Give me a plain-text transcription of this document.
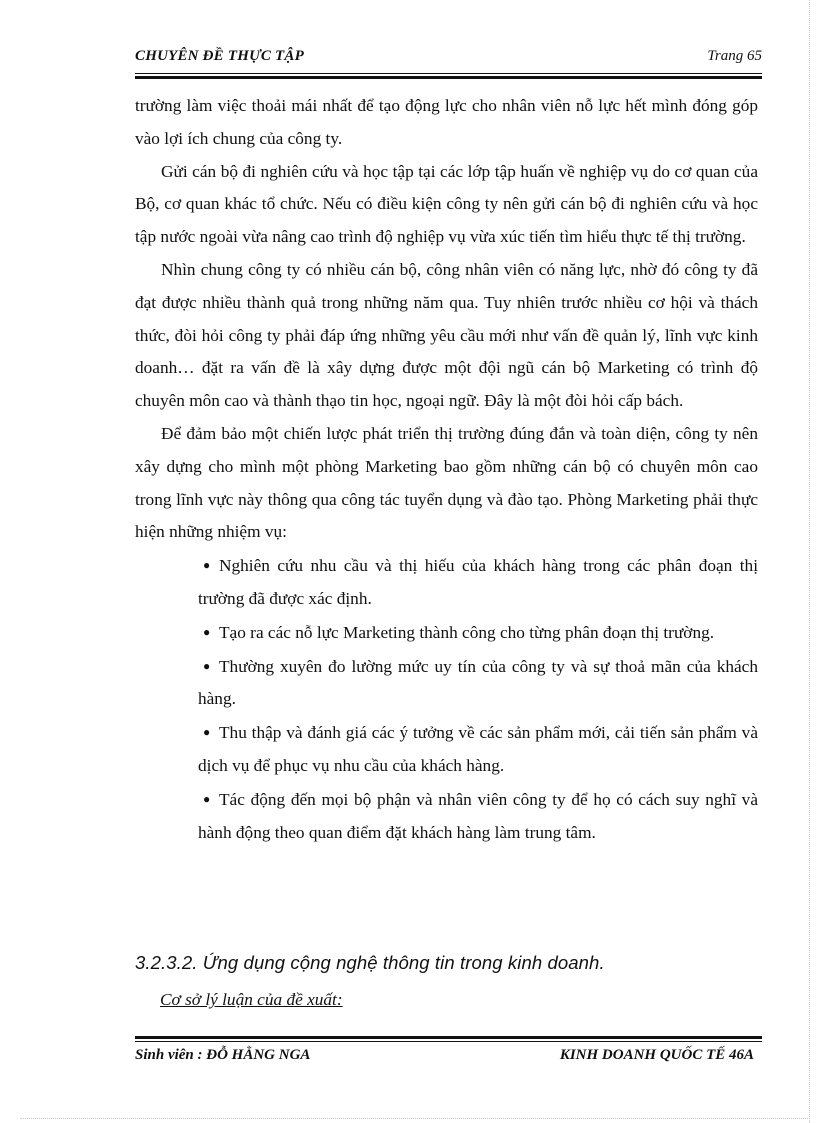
CHUYÊN ĐỀ THỰC TẬP	Trang 65

trường làm việc thoải mái nhất để tạo động lực cho nhân viên nỗ lực hết mình đóng góp vào lợi ích chung của công ty.

Gửi cán bộ đi nghiên cứu và học tập tại các lớp tập huấn về nghiệp vụ do cơ quan của Bộ, cơ quan khác tổ chức. Nếu có điều kiện công ty nên gửi cán bộ đi nghiên cứu và học tập nước ngoài vừa nâng cao trình độ nghiệp vụ vừa xúc tiến tìm hiểu thực tế thị trường.

Nhìn chung công ty có nhiều cán bộ, công nhân viên có năng lực, nhờ đó công ty đã đạt được nhiều thành quả trong những năm qua. Tuy nhiên trước nhiều cơ hội và thách thức, đòi hỏi công ty phải đáp ứng những yêu cầu mới như vấn đề quản lý, lĩnh vực kinh doanh… đặt ra vấn đề là xây dựng được một đội ngũ cán bộ Marketing có trình độ chuyên môn cao và thành thạo tin học, ngoại ngữ. Đây là một đòi hỏi cấp bách.

Để đảm bảo một chiến lược phát triển thị trường đúng đắn và toàn diện, công ty nên xây dựng cho mình một phòng Marketing bao gồm những cán bộ có chuyên môn cao trong lĩnh vực này thông qua công tác tuyển dụng và đào tạo. Phòng Marketing phải thực hiện những nhiệm vụ:

● Nghiên cứu nhu cầu và thị hiếu của khách hàng trong các phân đoạn thị trường đã được xác định.
● Tạo ra các nỗ lực Marketing thành công cho từng phân đoạn thị trường.
● Thường xuyên đo lường mức uy tín của công ty và sự thoả mãn của khách hàng.
● Thu thập và đánh giá các ý tưởng về các sản phẩm mới, cải tiến sản phẩm và dịch vụ để phục vụ nhu cầu của khách hàng.
● Tác động đến mọi bộ phận và nhân viên công ty để họ có cách suy nghĩ và hành động theo quan điểm đặt khách hàng làm trung tâm.
3.2.3.2. Ứng dụng cộng nghệ thông tin trong kinh doanh.
Cơ sở lý luận của đề xuất:
Sinh viên : ĐỖ HẰNG NGA	KINH DOANH QUỐC TẾ 46A
